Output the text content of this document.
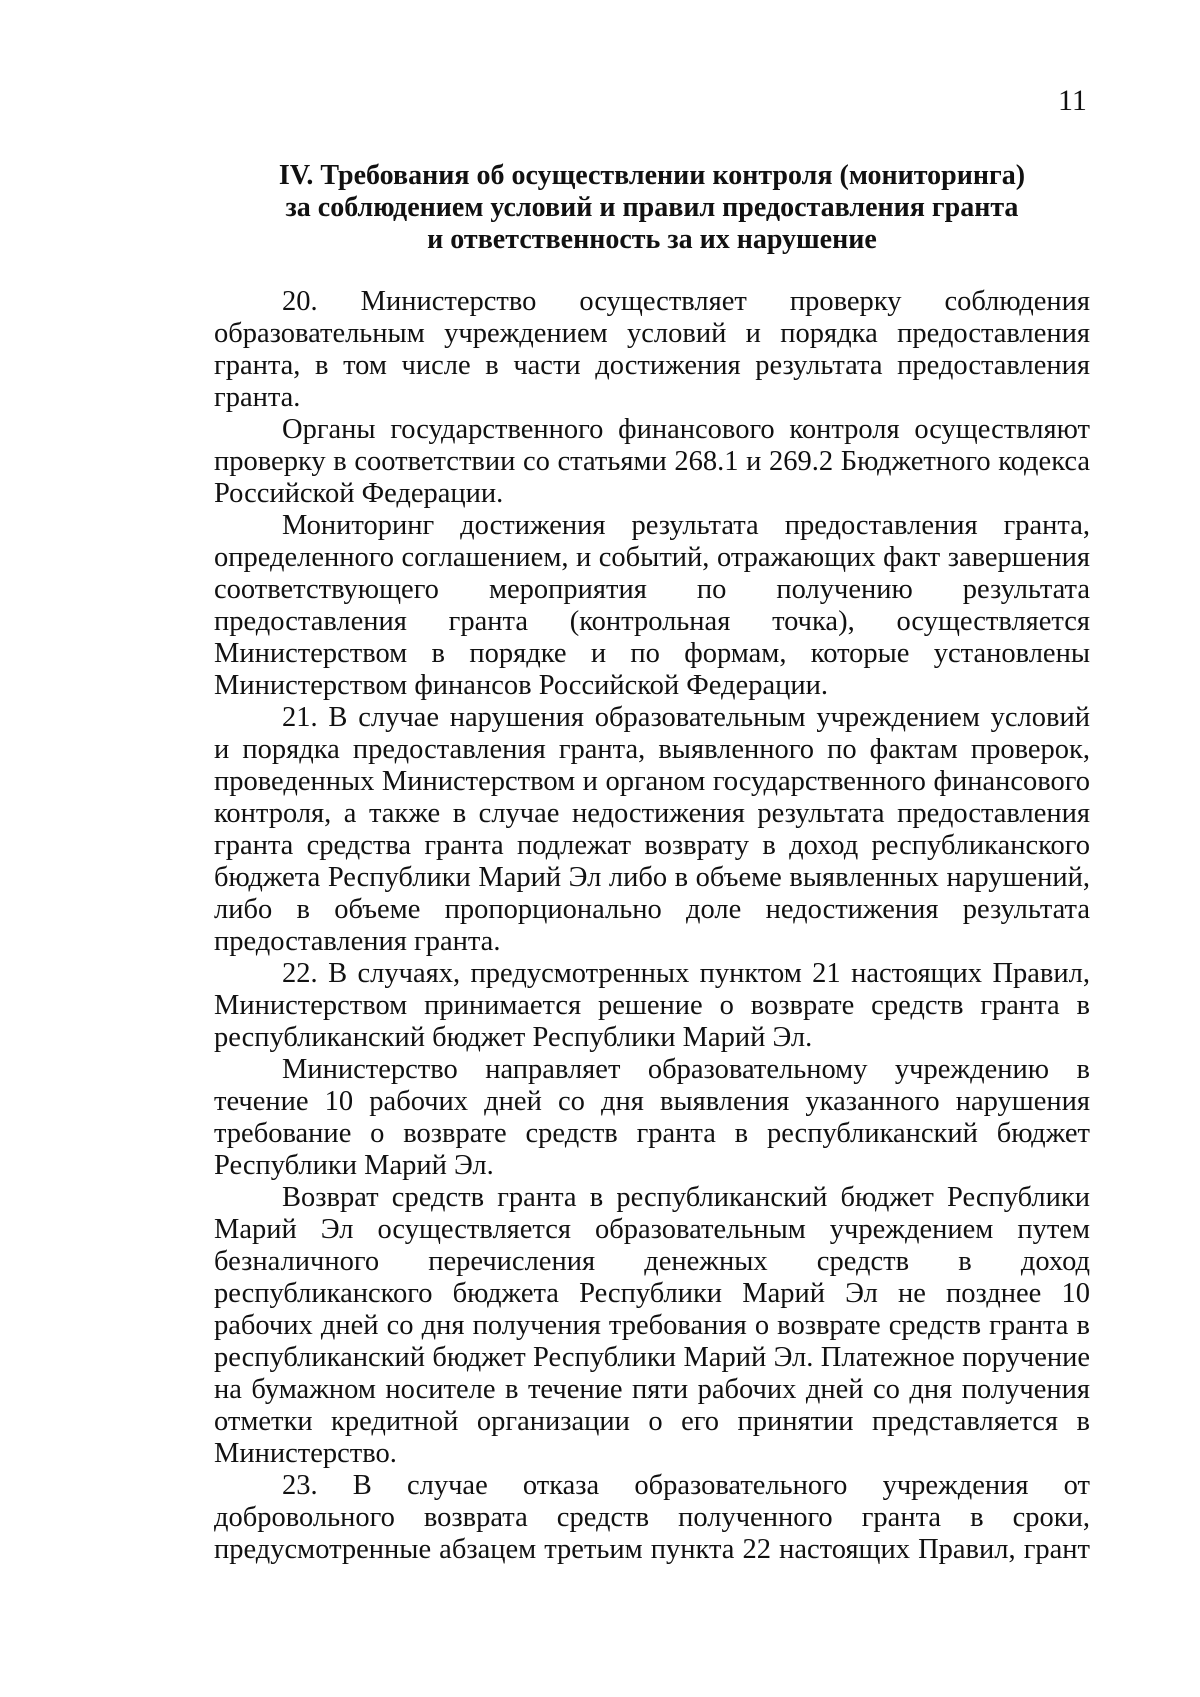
11
IV. Требования об осуществлении контроля (мониторинга)
за соблюдением условий и правил предоставления гранта
и ответственность за их нарушение

20. Министерство осуществляет проверку соблюдения образовательным учреждением условий и порядка предоставления гранта, в том числе в части достижения результата предоставления гранта.

Органы государственного финансового контроля осуществляют проверку в соответствии со статьями 268.1 и 269.2 Бюджетного кодекса Российской Федерации.

Мониторинг достижения результата предоставления гранта, определенного соглашением, и событий, отражающих факт завершения соответствующего мероприятия по получению результата предоставления гранта (контрольная точка), осуществляется Министерством в порядке и по формам, которые установлены Министерством финансов Российской Федерации.

21. В случае нарушения образовательным учреждением условий и порядка предоставления гранта, выявленного по фактам проверок, проведенных Министерством и органом государственного финансового контроля, а также в случае недостижения результата предоставления гранта средства гранта подлежат возврату в доход республиканского бюджета Республики Марий Эл либо в объеме выявленных нарушений, либо в объеме пропорционально доле недостижения результата предоставления гранта.

22. В случаях, предусмотренных пунктом 21 настоящих Правил, Министерством принимается решение о возврате средств гранта в республиканский бюджет Республики Марий Эл.

Министерство направляет образовательному учреждению в течение 10 рабочих дней со дня выявления указанного нарушения требование о возврате средств гранта в республиканский бюджет Республики Марий Эл.

Возврат средств гранта в республиканский бюджет Республики Марий Эл осуществляется образовательным учреждением путем безналичного перечисления денежных средств в доход республиканского бюджета Республики Марий Эл не позднее 10 рабочих дней со дня получения требования о возврате средств гранта в республиканский бюджет Республики Марий Эл. Платежное поручение на бумажном носителе в течение пяти рабочих дней со дня получения отметки кредитной организации о его принятии представляется в Министерство.

23. В случае отказа образовательного учреждения от добровольного возврата средств полученного гранта в сроки, предусмотренные абзацем третьим пункта 22 настоящих Правил, грант
